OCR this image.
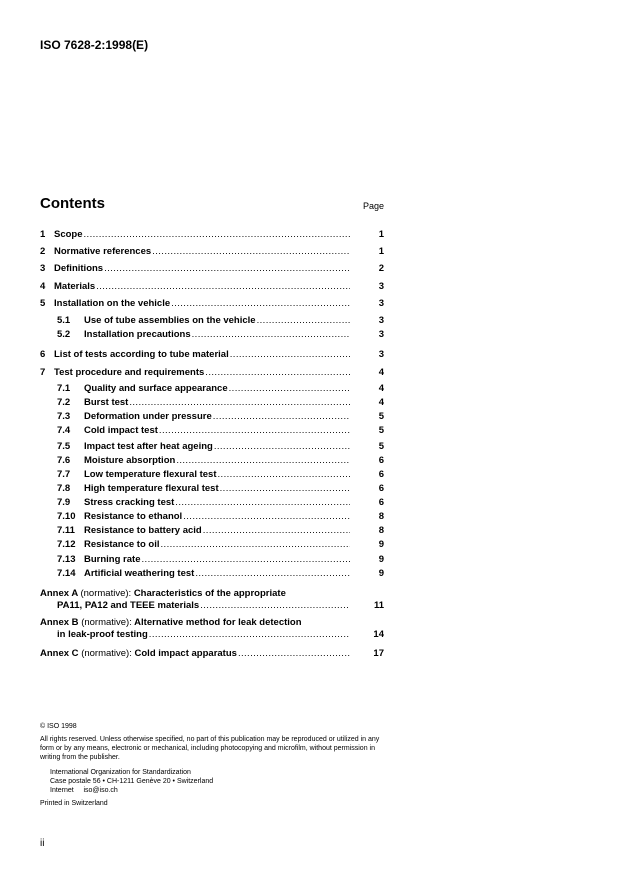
ISO 7628-2:1998(E)
Contents	Page
1 Scope .....	1
2 Normative references .....	1
3 Definitions .....	2
4 Materials .....	3
5 Installation on the vehicle .....	3
5.1	Use of tube assemblies on the vehicle .....	3
5.2	Installation precautions .....	3
6 List of tests according to tube material .....	3
7 Test procedure and requirements .....	4
7.1	Quality and surface appearance .....	4
7.2	Burst test .....	4
7.3	Deformation under pressure .....	5
7.4	Cold impact test .....	5
7.5	Impact test after heat ageing .....	5
7.6	Moisture absorption .....	6
7.7	Low temperature flexural test .....	6
7.8	High temperature flexural test .....	6
7.9	Stress cracking test .....	6
7.10 Resistance to ethanol .....	8
7.11 Resistance to battery acid .....	8
7.12 Resistance to oil .....	9
7.13 Burning rate .....	9
7.14 Artificial weathering test .....	9
Annex A (normative): Characteristics of the appropriate
PA11, PA12 and TEEE materials .....	11
Annex B (normative): Alternative method for leak detection
in leak-proof testing .....	14
Annex C (normative): Cold impact apparatus .....	17
© ISO 1998
All rights reserved. Unless otherwise specified, no part of this publication may be reproduced or utilized in any form or by any means, electronic or mechanical, including photocopying and microfilm, without permission in writing from the publisher.
International Organization for Standardization
Case postale 56 • CH-1211 Genève 20 • Switzerland
Internet     iso@iso.ch
Printed in Switzerland
ii
